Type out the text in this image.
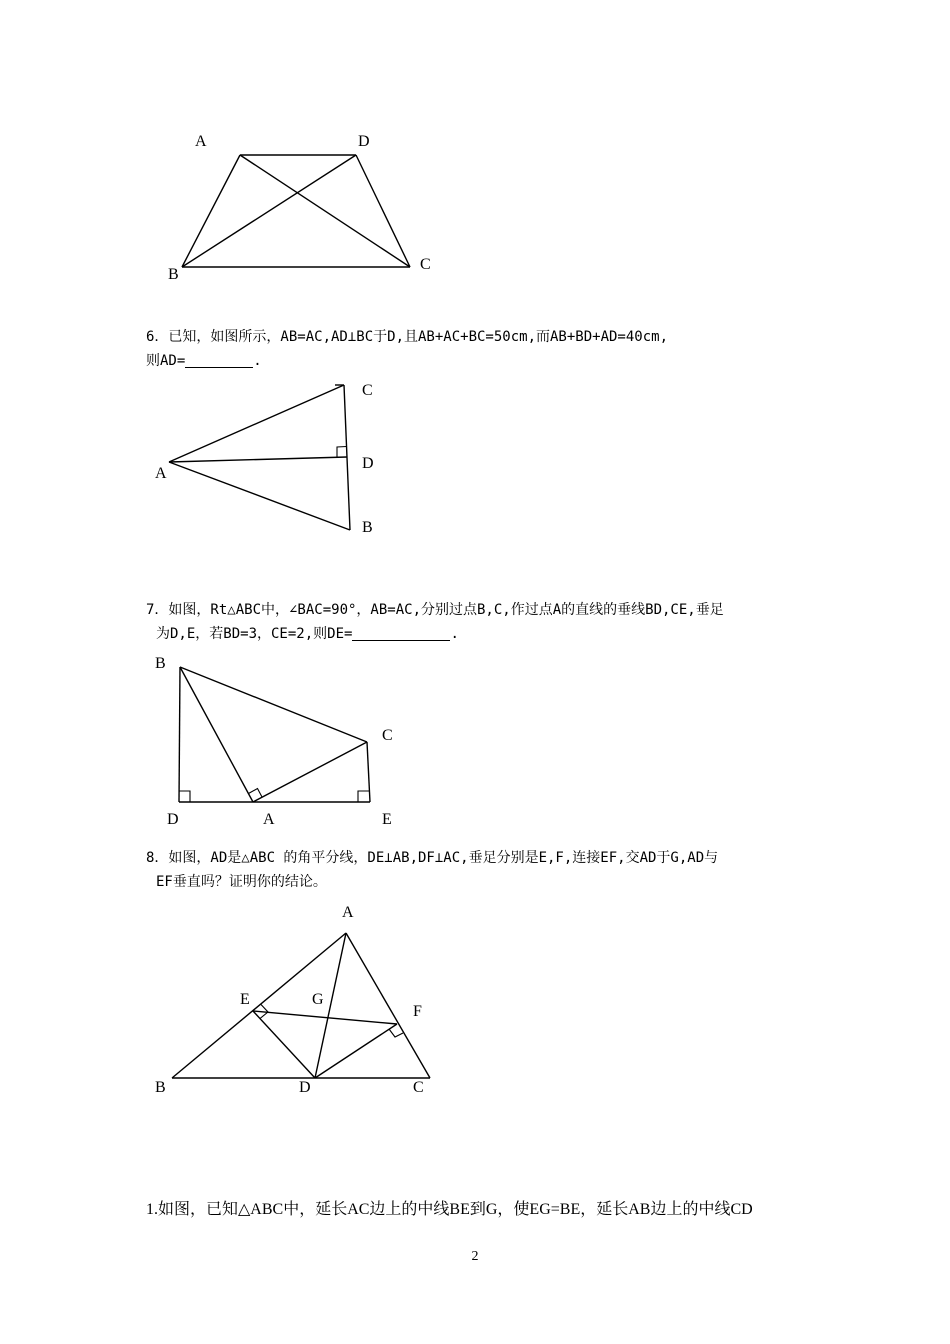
A	D
B
C
6．已知，如图所示，AB=AC,AD⊥BC于D,且AB+AC+BC=50cm,而AB+BD+AD=40cm,
则AD=	.
C
D
A
B
7．如图，Rt△ABC中，∠BAC=90°，AB=AC,分别过点B,C,作过点A的直线的垂线BD,CE,垂足
为D,E，若BD=3，CE=2,则DE=	.
B
C
D	A	E
8．如图，AD是△ABC 的角平分线，DE⊥AB,DF⊥AC,垂足分别是E,F,连接EF,交AD于G,AD与
EF垂直吗？证明你的结论。
A
E	G
F
B	D	C
1.如图，已知△ABC中，延长AC边上的中线BE到G，使EG=BE，延长AB边上的中线CD
2
